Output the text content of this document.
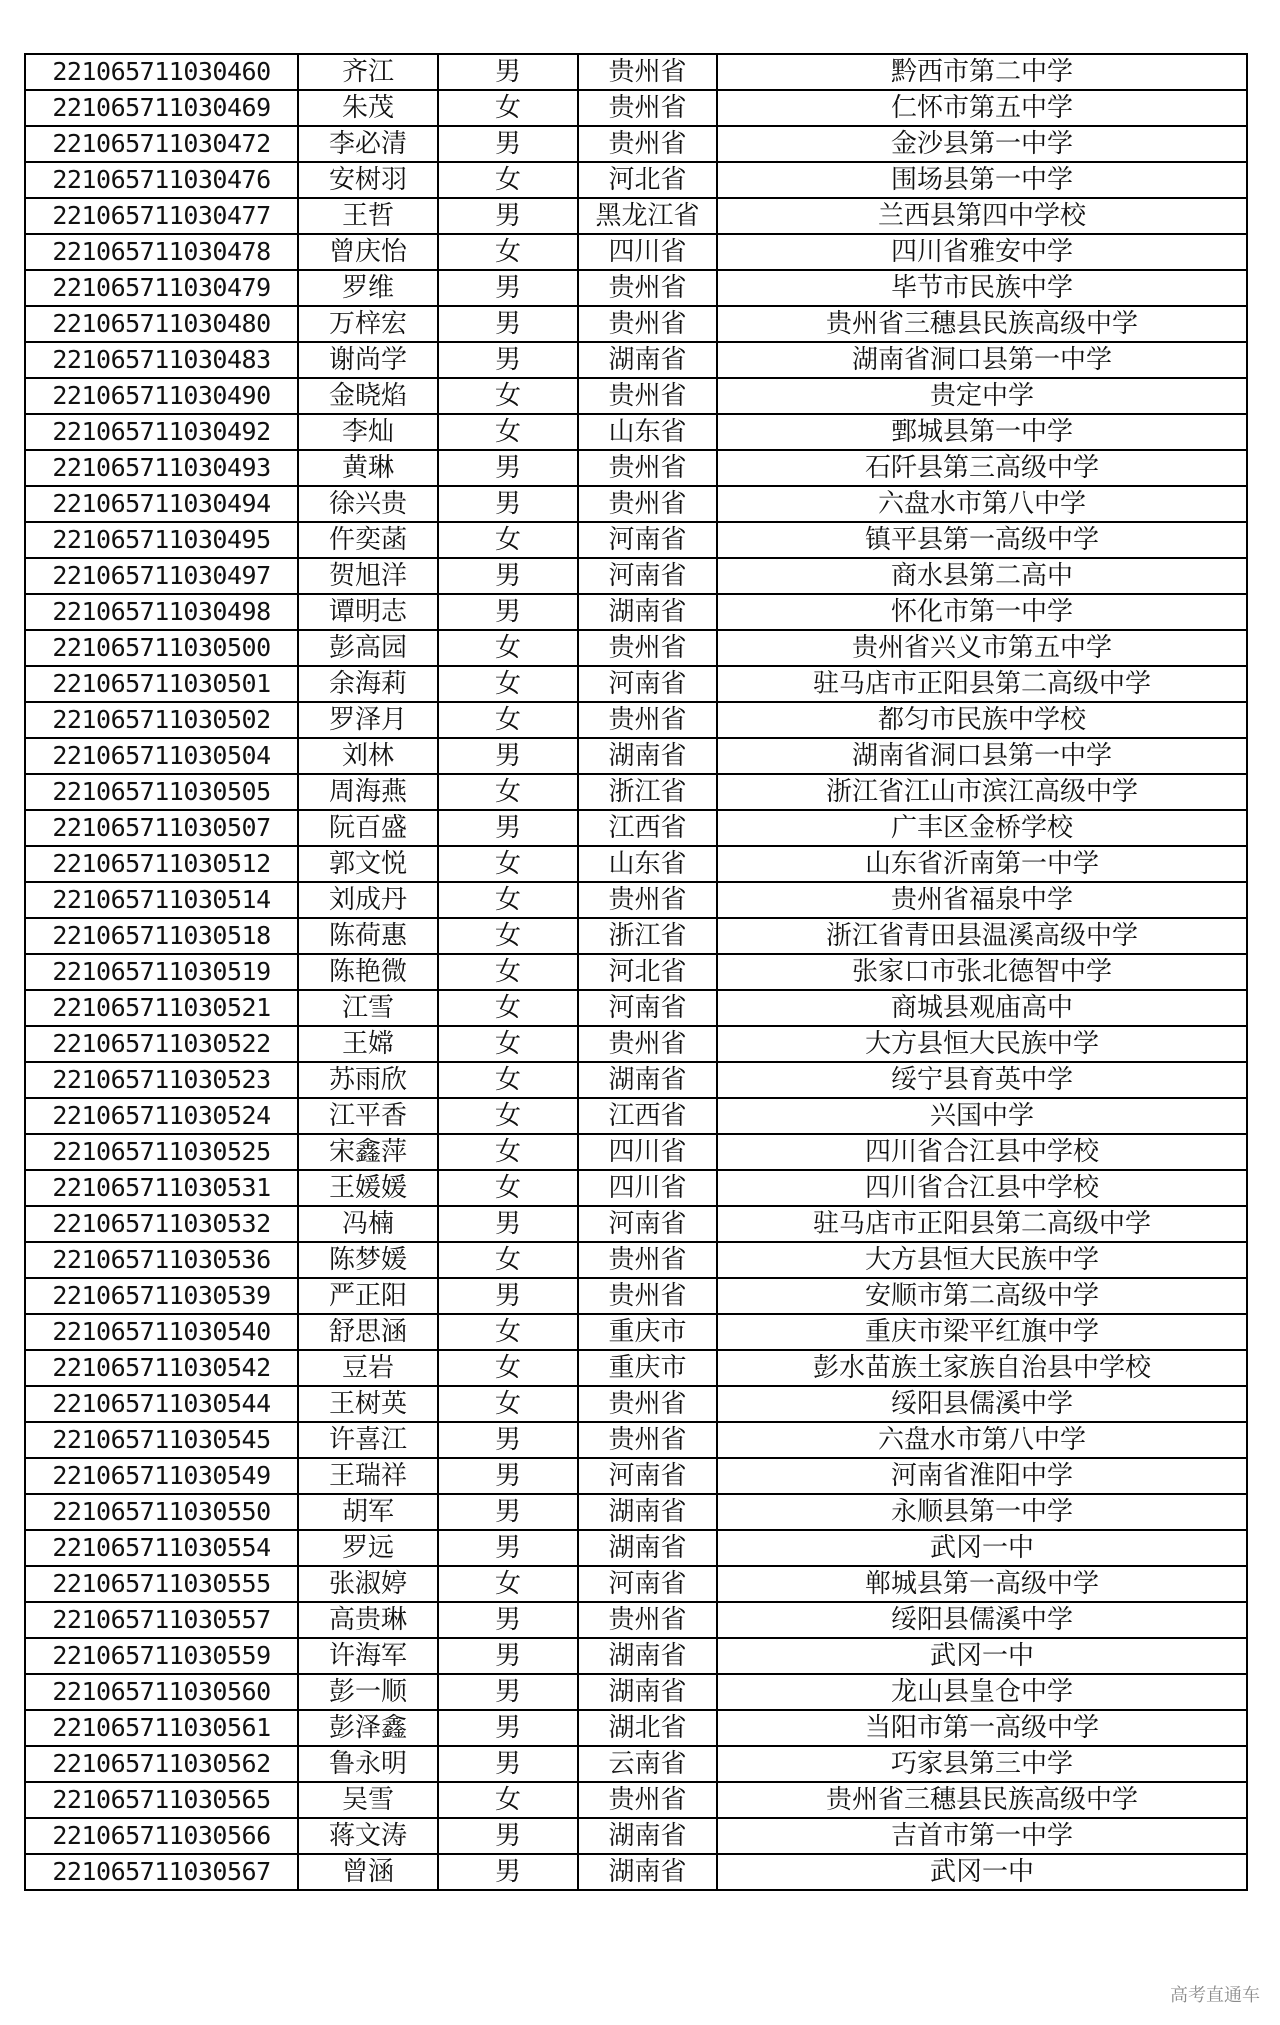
221065711030460	齐江	男	贵州省	黔西市第二中学
221065711030469	朱茂	女	贵州省	仁怀市第五中学
221065711030472	李必清	男	贵州省	金沙县第一中学
221065711030476	安树羽	女	河北省	围场县第一中学
221065711030477	王哲	男	黑龙江省	兰西县第四中学校
221065711030478	曾庆怡	女	四川省	四川省雅安中学
221065711030479	罗维	男	贵州省	毕节市民族中学
221065711030480	万梓宏	男	贵州省	贵州省三穗县民族高级中学
221065711030483	谢尚学	男	湖南省	湖南省洞口县第一中学
221065711030490	金晓焰	女	贵州省	贵定中学
221065711030492	李灿	女	山东省	鄄城县第一中学
221065711030493	黄琳	男	贵州省	石阡县第三高级中学
221065711030494	徐兴贵	男	贵州省	六盘水市第八中学
221065711030495	仵奕菡	女	河南省	镇平县第一高级中学
221065711030497	贺旭洋	男	河南省	商水县第二高中
221065711030498	谭明志	男	湖南省	怀化市第一中学
221065711030500	彭高园	女	贵州省	贵州省兴义市第五中学
221065711030501	余海莉	女	河南省	驻马店市正阳县第二高级中学
221065711030502	罗泽月	女	贵州省	都匀市民族中学校
221065711030504	刘林	男	湖南省	湖南省洞口县第一中学
221065711030505	周海燕	女	浙江省	浙江省江山市滨江高级中学
221065711030507	阮百盛	男	江西省	广丰区金桥学校
221065711030512	郭文悦	女	山东省	山东省沂南第一中学
221065711030514	刘成丹	女	贵州省	贵州省福泉中学
221065711030518	陈荷惠	女	浙江省	浙江省青田县温溪高级中学
221065711030519	陈艳微	女	河北省	张家口市张北德智中学
221065711030521	江雪	女	河南省	商城县观庙高中
221065711030522	王嫦	女	贵州省	大方县恒大民族中学
221065711030523	苏雨欣	女	湖南省	绥宁县育英中学
221065711030524	江平香	女	江西省	兴国中学
221065711030525	宋鑫萍	女	四川省	四川省合江县中学校
221065711030531	王媛媛	女	四川省	四川省合江县中学校
221065711030532	冯楠	男	河南省	驻马店市正阳县第二高级中学
221065711030536	陈梦媛	女	贵州省	大方县恒大民族中学
221065711030539	严正阳	男	贵州省	安顺市第二高级中学
221065711030540	舒思涵	女	重庆市	重庆市梁平红旗中学
221065711030542	豆岩	女	重庆市	彭水苗族土家族自治县中学校
221065711030544	王树英	女	贵州省	绥阳县儒溪中学
221065711030545	许喜江	男	贵州省	六盘水市第八中学
221065711030549	王瑞祥	男	河南省	河南省淮阳中学
221065711030550	胡军	男	湖南省	永顺县第一中学
221065711030554	罗远	男	湖南省	武冈一中
221065711030555	张淑婷	女	河南省	郸城县第一高级中学
221065711030557	高贵琳	男	贵州省	绥阳县儒溪中学
221065711030559	许海军	男	湖南省	武冈一中
221065711030560	彭一顺	男	湖南省	龙山县皇仓中学
221065711030561	彭泽鑫	男	湖北省	当阳市第一高级中学
221065711030562	鲁永明	男	云南省	巧家县第三中学
221065711030565	吴雪	女	贵州省	贵州省三穗县民族高级中学
221065711030566	蒋文涛	男	湖南省	吉首市第一中学
221065711030567	曾涵	男	湖南省	武冈一中
高考直通车
